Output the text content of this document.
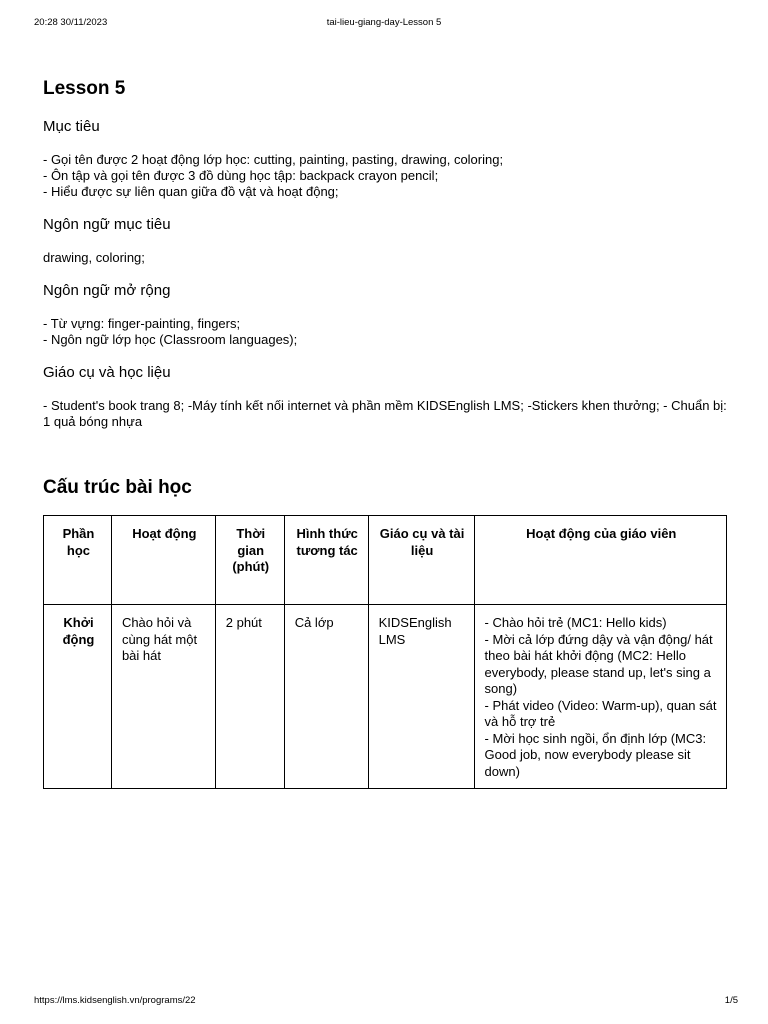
20:28 30/11/2023	tai-lieu-giang-day-Lesson 5
Lesson 5
Mục tiêu
- Gọi tên được 2 hoạt động lớp học: cutting, painting, pasting, drawing, coloring;
- Ôn tập và gọi tên được 3 đồ dùng học tập: backpack crayon pencil;
- Hiểu được sự liên quan giữa đồ vật và hoạt động;
Ngôn ngữ mục tiêu
drawing, coloring;
Ngôn ngữ mở rộng
- Từ vựng: finger-painting, fingers;
- Ngôn ngữ lớp học (Classroom languages);
Giáo cụ và học liệu
- Student's book trang 8; -Máy tính kết nối internet và phần mềm KIDSEnglish LMS; -Stickers khen thưởng; - Chuẩn bị: 1 quả bóng nhựa
Cấu trúc bài học
Phần học	Hoạt động	Thời gian (phút)	Hình thức tương tác	Giáo cụ và tài liệu	Hoạt động của giáo viên
Khởi động	Chào hỏi và cùng hát một bài hát	2 phút	Cả lớp	KIDSEnglish LMS	- Chào hỏi trẻ (MC1: Hello kids)
- Mời cả lớp đứng dậy và vận động/ hát theo bài hát khởi động (MC2: Hello everybody, please stand up, let's sing a song)
- Phát video (Video: Warm-up), quan sát và hỗ trợ trẻ
- Mời học sinh ngồi, ổn định lớp (MC3: Good job, now everybody please sit down)
https://lms.kidsenglish.vn/programs/22	1/5
